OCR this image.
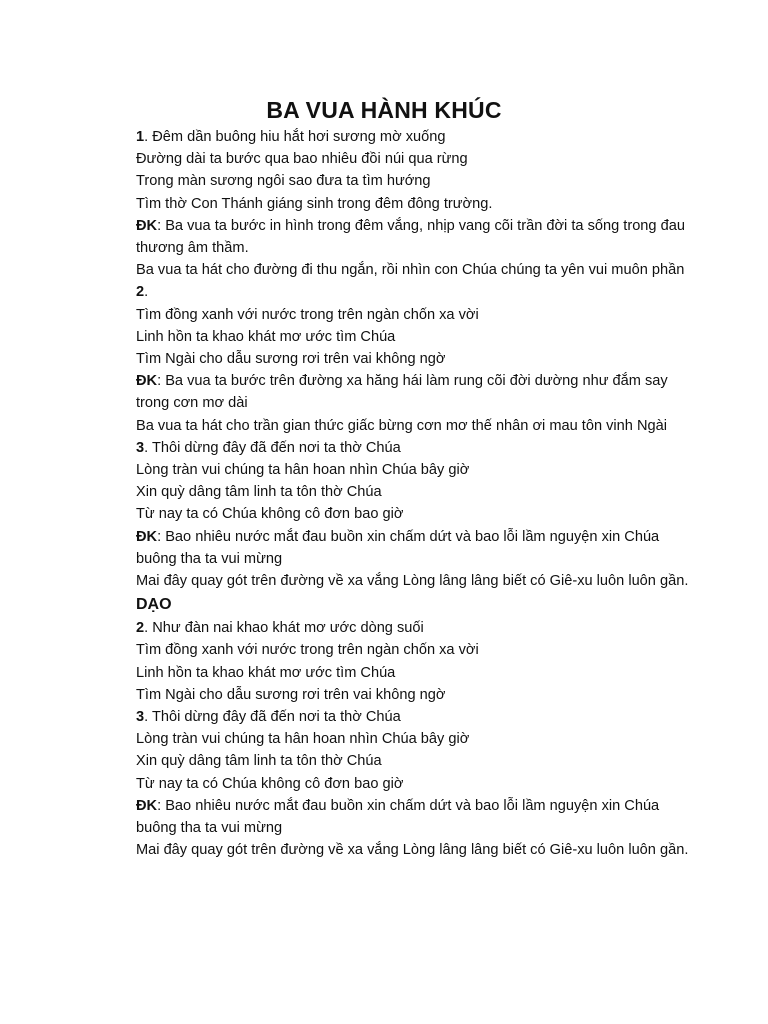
BA VUA HÀNH KHÚC
1. Đêm dần buông hiu hắt hơi sương mờ xuống
Đường dài ta bước qua bao nhiêu đồi núi qua rừng
Trong màn sương ngôi sao đưa ta tìm hướng
Tìm thờ Con Thánh giáng sinh trong đêm đông trường.
ĐK: Ba vua ta bước in hình trong đêm vắng, nhịp vang cõi trần đời ta sống trong đau thương âm thầm.
Ba vua ta hát cho đường đi thu ngắn, rồi nhìn con Chúa chúng ta yên vui muôn phần
2.
Tìm đồng xanh với nước trong trên ngàn chốn xa vời
Linh hồn ta khao khát mơ ước tìm Chúa
Tìm Ngài cho dẫu sương rơi trên vai không ngờ
ĐK: Ba vua ta bước trên đường xa hăng hái làm rung cõi đời dường như đắm say trong cơn mơ dài
Ba vua ta hát cho trần gian thức giấc bừng cơn mơ thế nhân ơi mau tôn vinh Ngài
3. Thôi dừng đây đã đến nơi ta thờ Chúa
Lòng tràn vui chúng ta hân hoan nhìn Chúa bây giờ
Xin quỳ dâng tâm linh ta tôn thờ Chúa
Từ nay ta có Chúa không cô đơn bao giờ
ĐK: Bao nhiêu nước mắt đau buồn xin chấm dứt và bao lỗi lầm nguyện xin Chúa buông tha ta vui mừng
Mai đây quay gót trên đường về xa vắng Lòng lâng lâng biết có Giê-xu luôn luôn gần.
DẠO
2. Như đàn nai khao khát mơ ước dòng suối
Tìm đồng xanh với nước trong trên ngàn chốn xa vời
Linh hồn ta khao khát mơ ước tìm Chúa
Tìm Ngài cho dẫu sương rơi trên vai không ngờ
3. Thôi dừng đây đã đến nơi ta thờ Chúa
Lòng tràn vui chúng ta hân hoan nhìn Chúa bây giờ
Xin quỳ dâng tâm linh ta tôn thờ Chúa
Từ nay ta có Chúa không cô đơn bao giờ
ĐK: Bao nhiêu nước mắt đau buồn xin chấm dứt và bao lỗi lầm nguyện xin Chúa buông tha ta vui mừng
Mai đây quay gót trên đường về xa vắng Lòng lâng lâng biết có Giê-xu luôn luôn gần.
